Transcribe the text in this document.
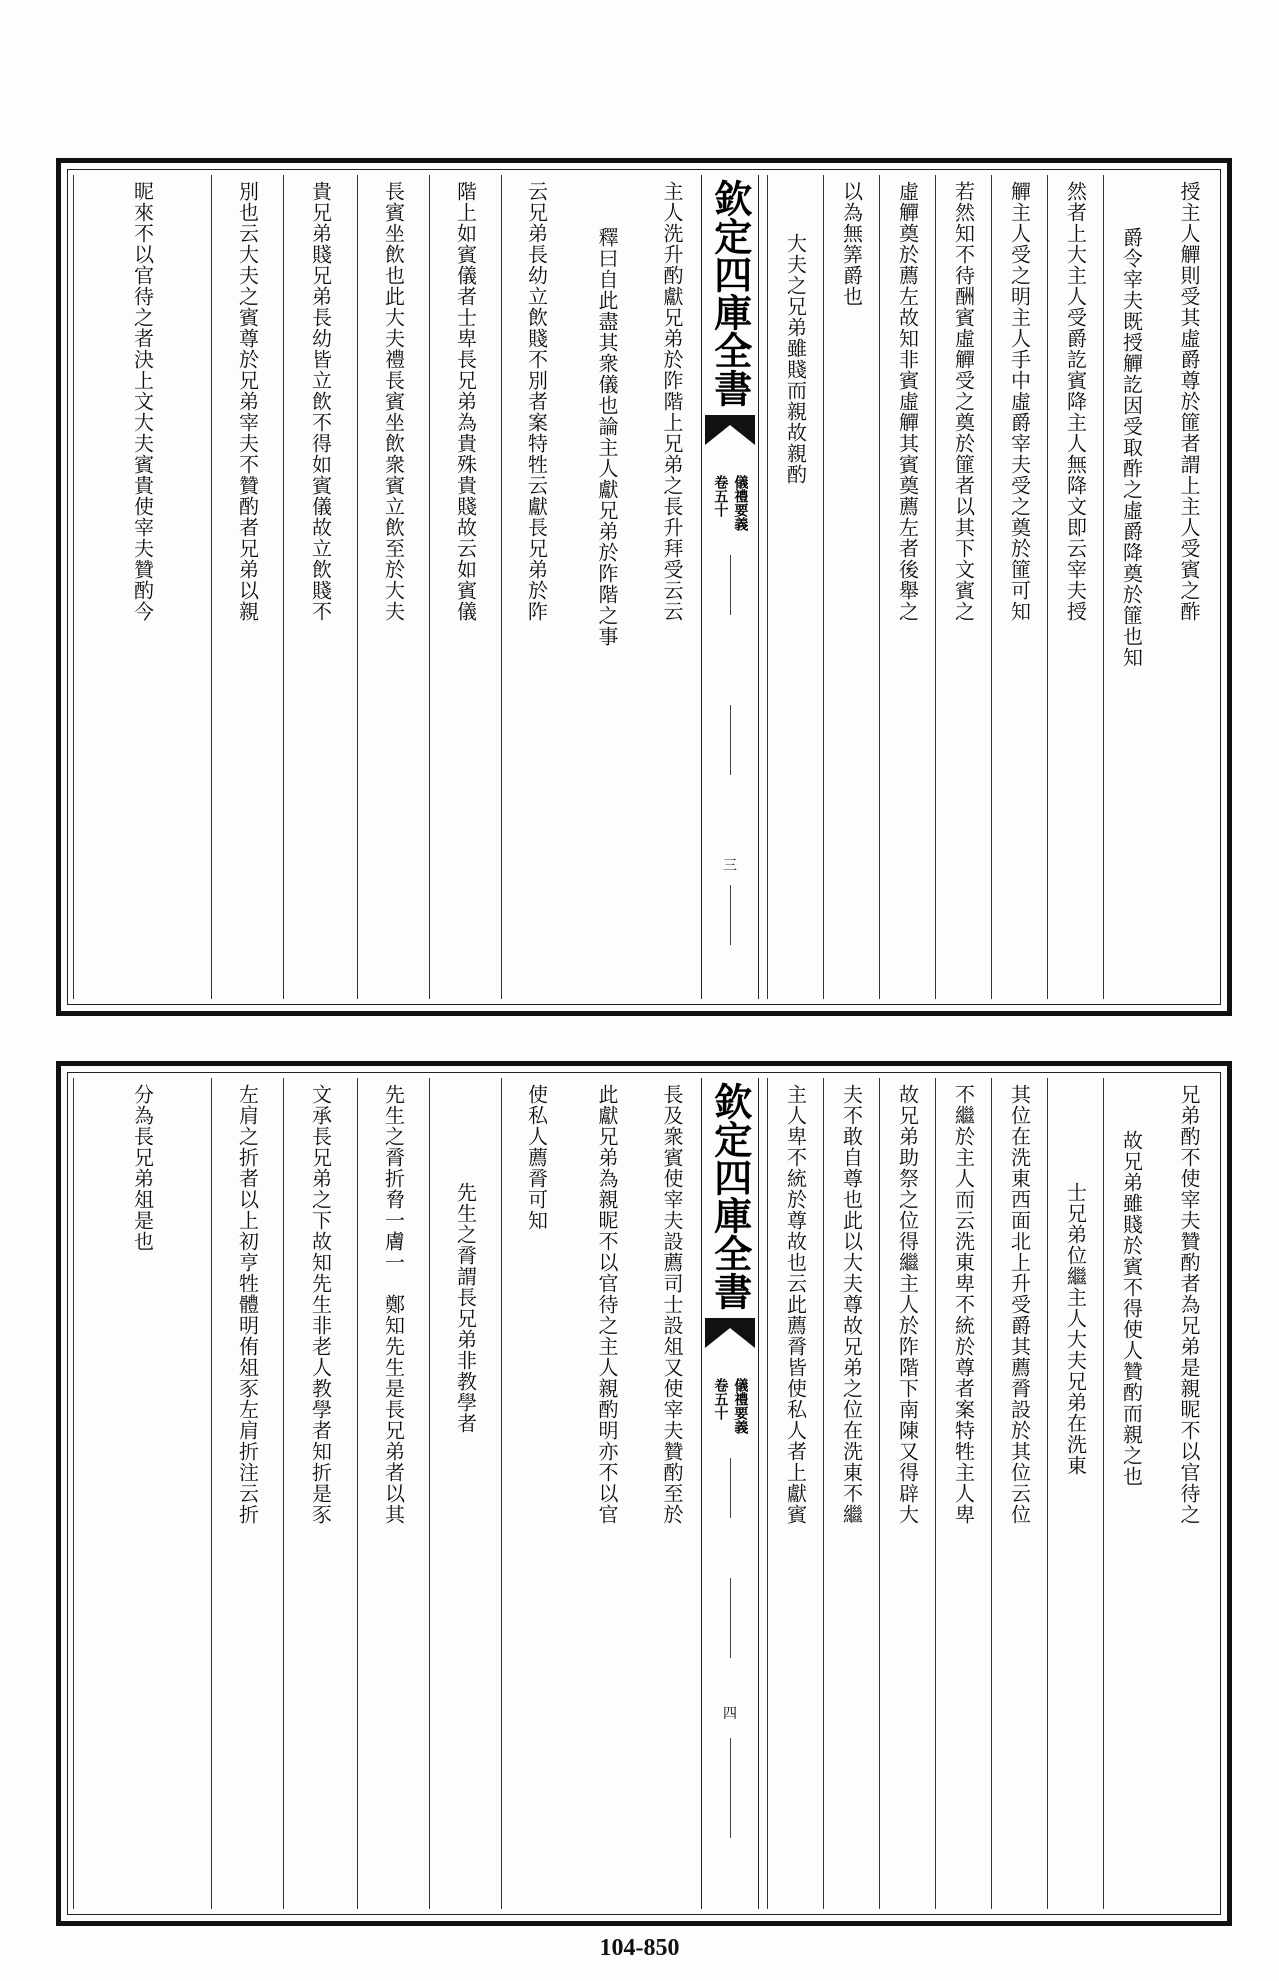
授主人觶則受其虛爵尊於篚者謂上主人受賓之酢
爵令宰夫既授觶訖因受取酢之虛爵降奠於篚也知
然者上大主人受爵訖賓降主人無降文即云宰夫授
觶主人受之明主人手中虛爵宰夫受之奠於篚可知
若然知不待酬賓虛觶受之奠於篚者以其下文賓之
虛觶奠於薦左故知非賓虛觶其賓奠薦左者後舉之
以為無筭爵也
大夫之兄弟雖賤而親故親酌
欽定四庫全書
儀禮要義
卷五十
三
主人洗升酌獻兄弟於阼階上兄弟之長升拜受云云
釋曰自此盡其衆儀也論主人獻兄弟於阼階之事
云兄弟長幼立飲賤不別者案特牲云獻長兄弟於阼
階上如賓儀者士卑長兄弟為貴殊貴賤故云如賓儀
長賓坐飲也此大夫禮長賓坐飲衆賓立飲至於大夫
貴兄弟賤兄弟長幼皆立飲不得如賓儀故立飲賤不
別也云大夫之賓尊於兄弟宰夫不贊酌者兄弟以親
昵來不以官待之者決上文大夫賓貴使宰夫贊酌今
兄弟酌不使宰夫贊酌者為兄弟是親昵不以官待之
故兄弟雖賤於賓不得使人贊酌而親之也
士兄弟位繼主人大夫兄弟在洗東
其位在洗東西面北上升受爵其薦脀設於其位云位
不繼於主人而云洗東卑不統於尊者案特牲主人卑
故兄弟助祭之位得繼主人於阼階下南陳又得辟大
夫不敢自尊也此以大夫尊故兄弟之位在洗東不繼
主人卑不統於尊故也云此薦脀皆使私人者上獻賓
欽定四庫全書
儀禮要義
卷五十
四
長及衆賓使宰夫設薦司士設俎又使宰夫贊酌至於
此獻兄弟為親昵不以官待之主人親酌明亦不以官
使私人薦脀可知
先生之脀謂長兄弟非教學者
先生之脀折脅一膚一　鄭知先生是長兄弟者以其
文承長兄弟之下故知先生非老人教學者知折是豕
左肩之折者以上初亨牲體明侑俎豕左肩折注云折
分為長兄弟俎是也
104-850
